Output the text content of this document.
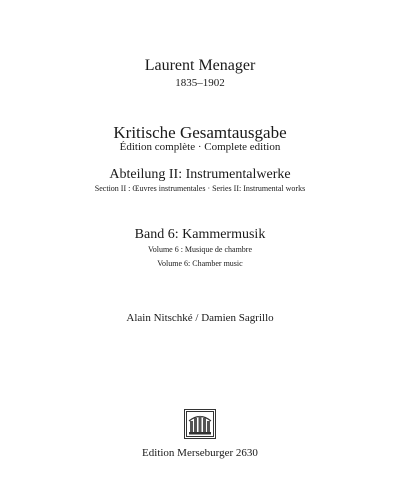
Laurent Menager
1835–1902
Kritische Gesamtausgabe
Édition complète · Complete edition
Abteilung II: Instrumentalwerke
Section II : Œuvres instrumentales · Series II: Instrumental works
Band 6: Kammermusik
Volume 6 : Musique de chambre
Volume 6: Chamber music
Alain Nitschké / Damien Sagrillo
Edition Merseburger 2630
